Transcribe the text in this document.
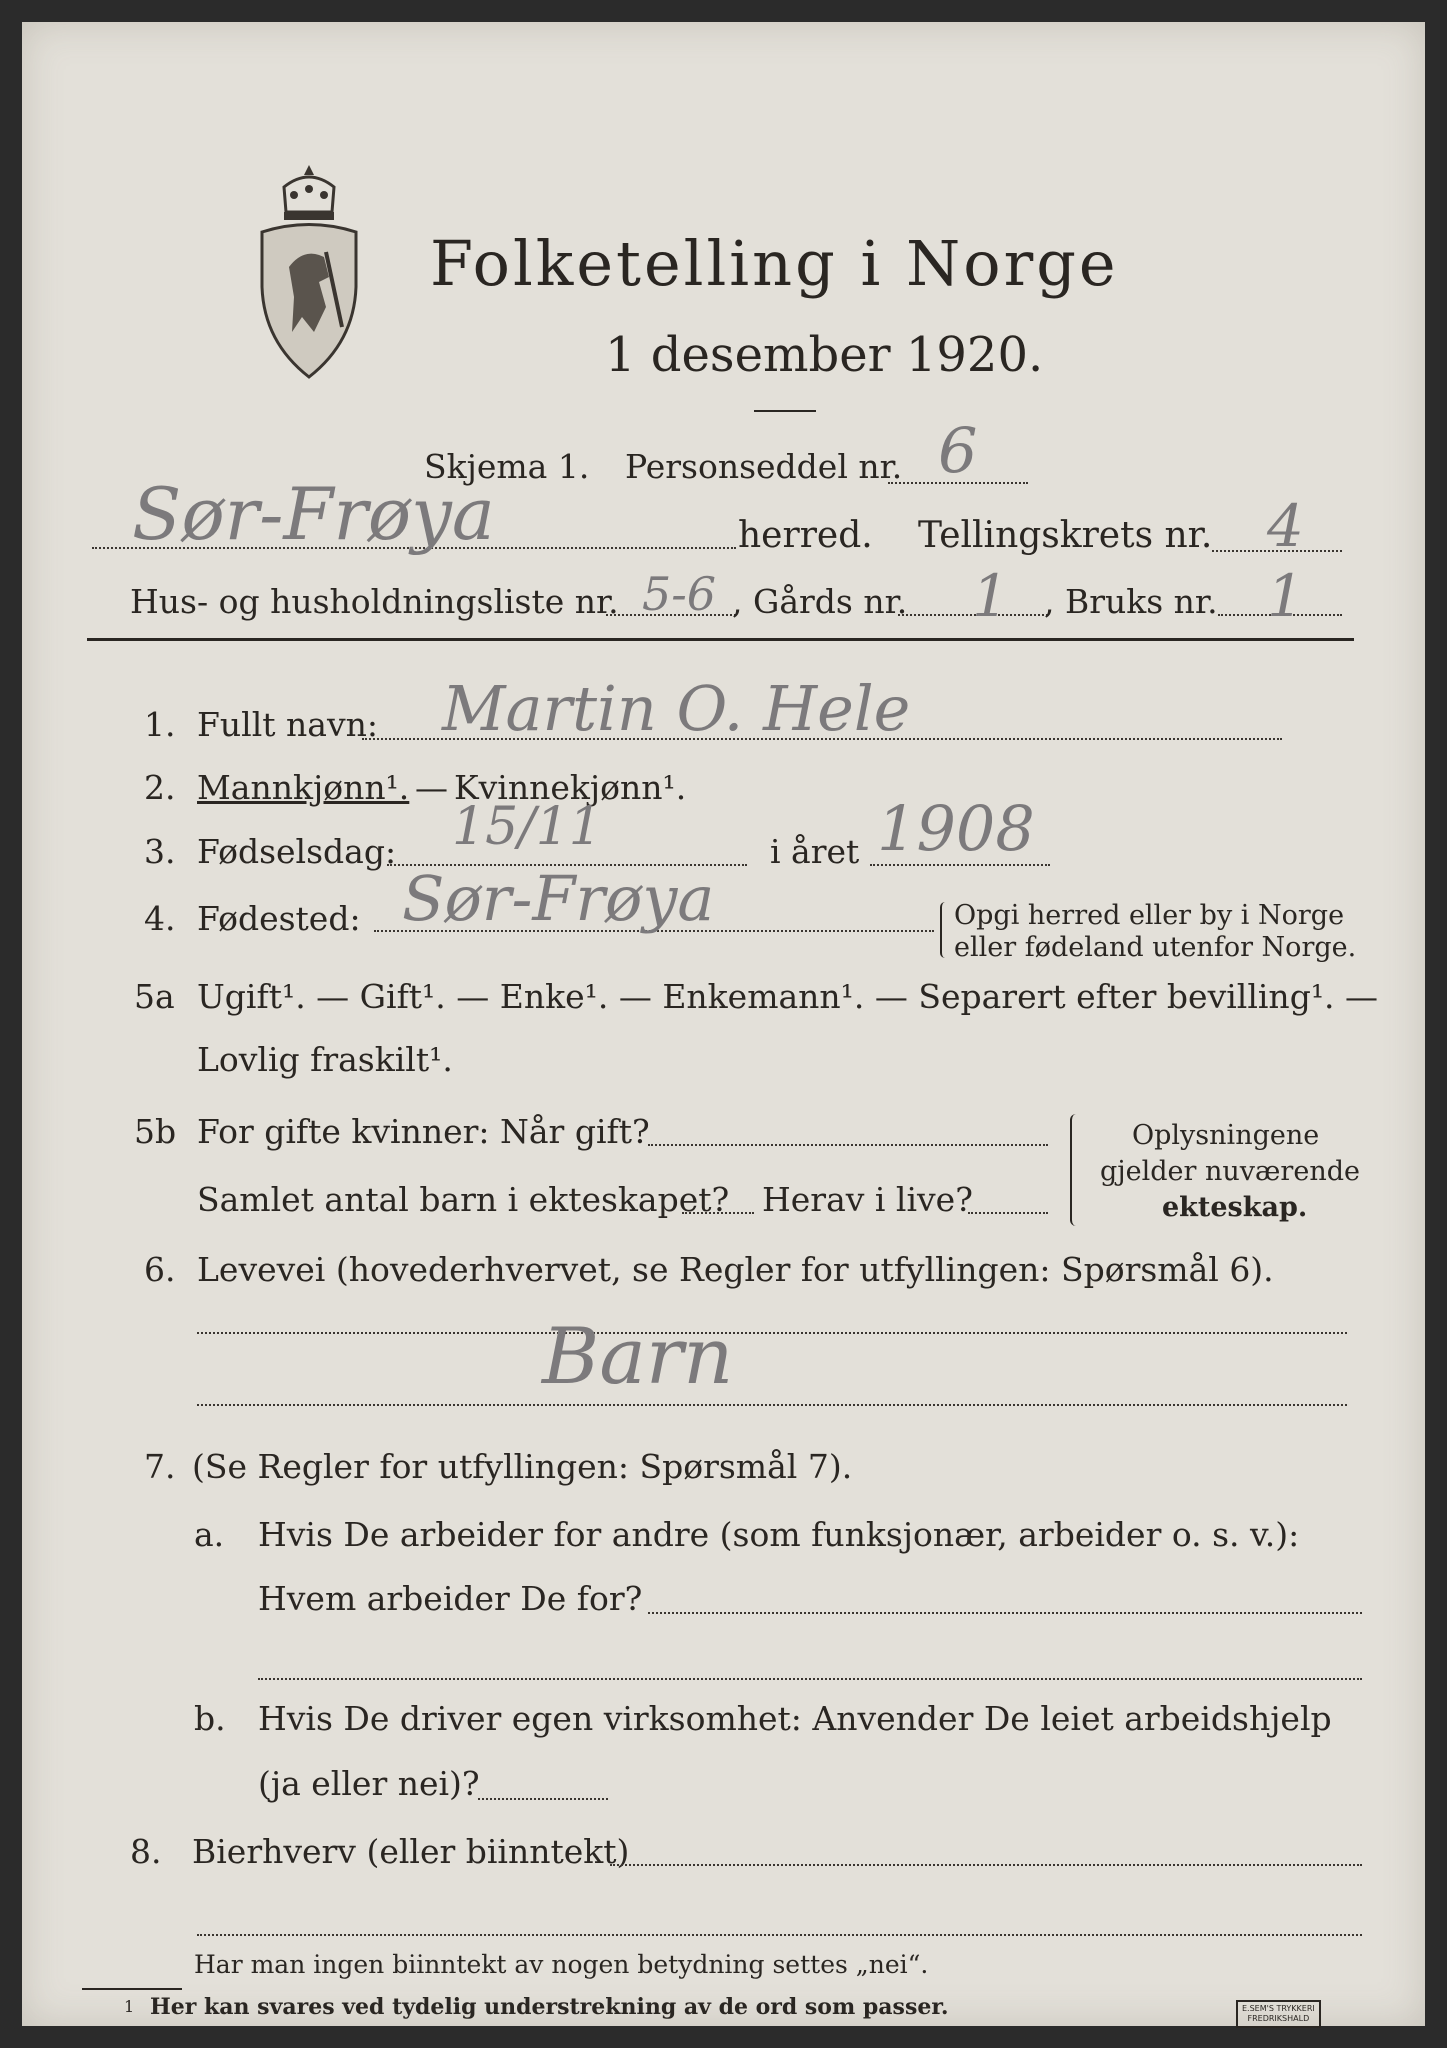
Folketelling i Norge
1 desember 1920.
Skjema 1. Personseddel nr. 6
Sør-Frøya	herred. Tellingskrets nr. 4
Hus- og husholdningsliste nr. 5-6 , Gårds nr. 1 , Bruks nr. 1
1. Fullt navn: Martin O. Hele
2. Mannkjønn¹. — Kvinnekjønn¹.
3. Fødselsdag: 15/11	i året 1908
4. Fødested: Sør-Frøya	Opgi herred eller by i Norge
eller fødeland utenfor Norge.
5a Ugift¹. — Gift¹. — Enke¹. — Enkemann¹. — Separert efter bevilling¹. —
Lovlig fraskilt¹.
5b For gifte kvinner: Når gift?
Samlet antal barn i ekteskapet? Herav i live?
Oplysningene
gjelder nuværende
ekteskap.
6. Levevei (hovederhvervet, se Regler for utfyllingen: Spørsmål 6).
Barn
7. (Se Regler for utfyllingen: Spørsmål 7).
a. Hvis De arbeider for andre (som funksjonær, arbeider o. s. v.):
Hvem arbeider De for?
b. Hvis De driver egen virksomhet: Anvender De leiet arbeidshjelp
(ja eller nei)?
8. Bierhverv (eller biinntekt)
Har man ingen biinntekt av nogen betydning settes „nei“.
1 Her kan svares ved tydelig understrekning av de ord som passer.	E.SEM'S TRYKKERI
FREDRIKSHALD
